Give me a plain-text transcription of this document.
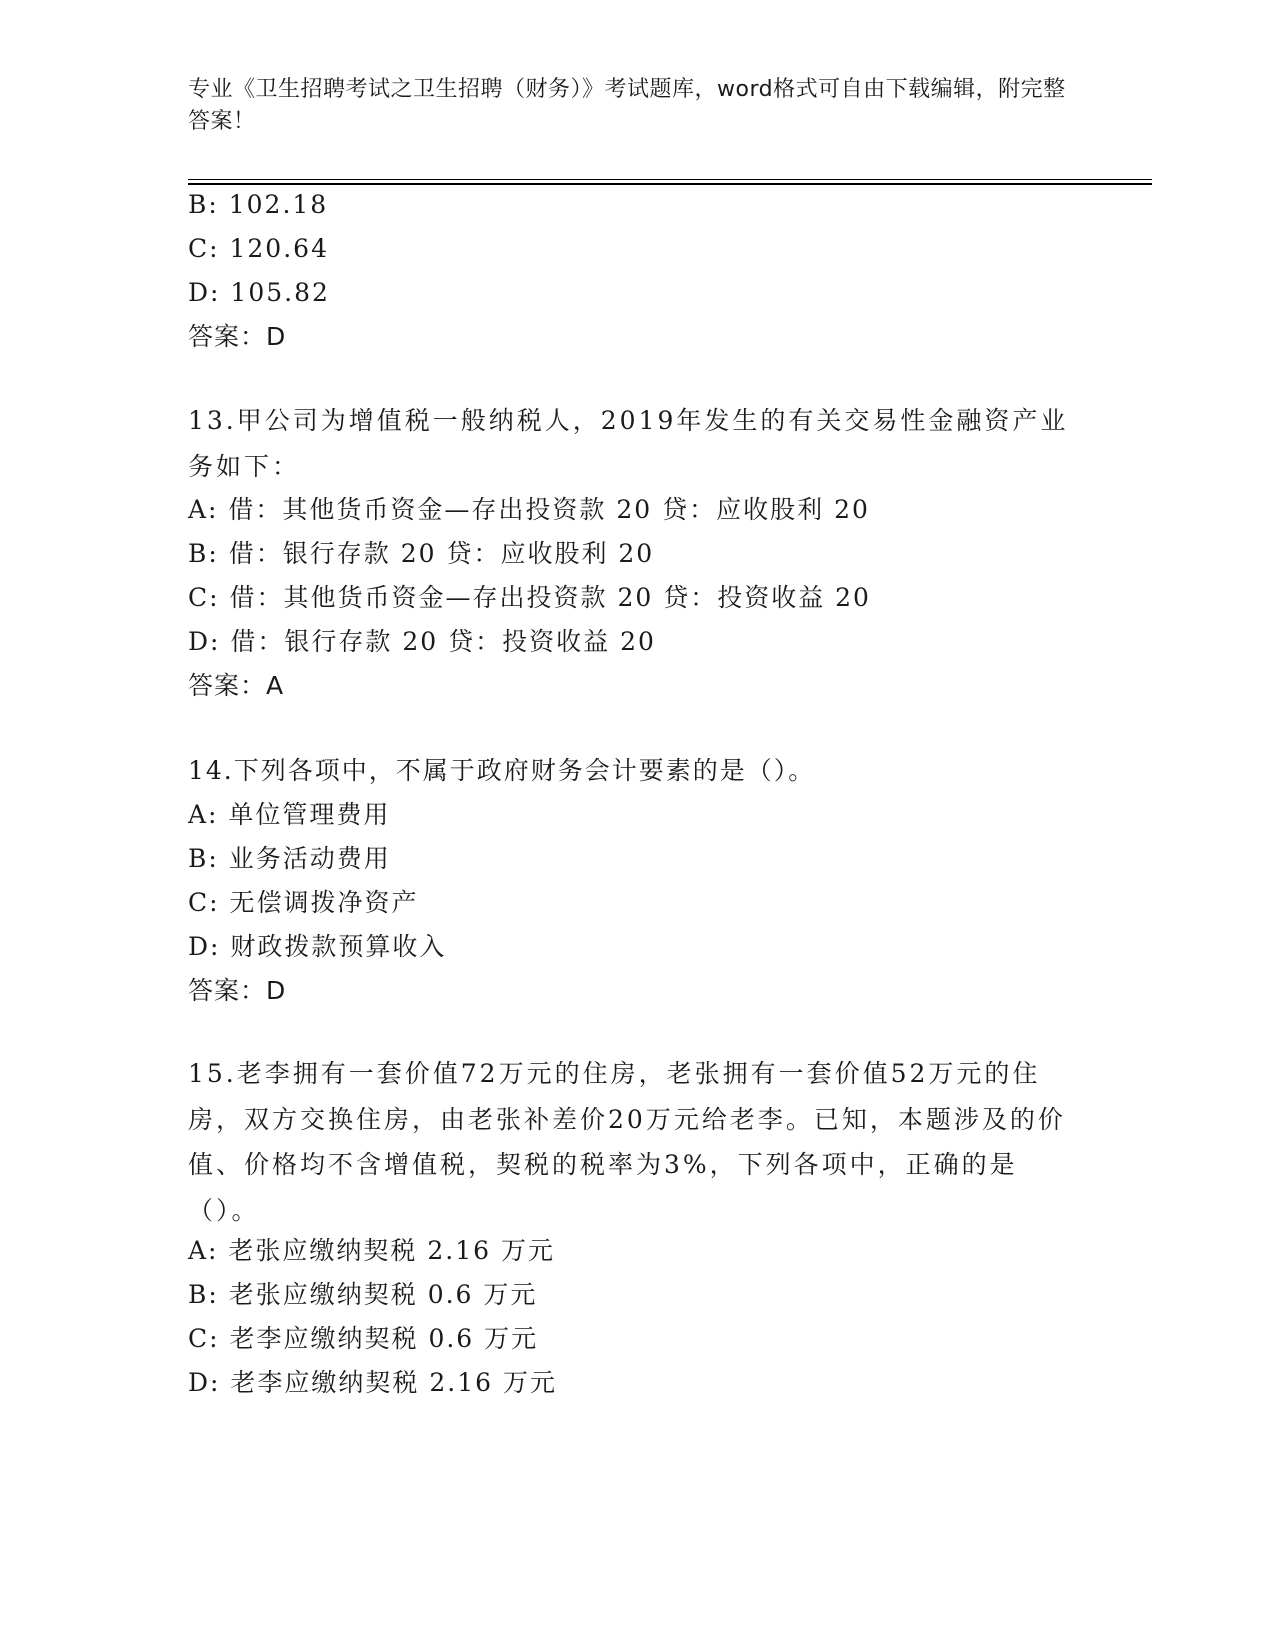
专业《卫生招聘考试之卫生招聘（财务）》考试题库，word格式可自由下载编辑，附完整答案！
B: 102.18
C: 120.64
D: 105.82
答案：D
13.甲公司为增值税一般纳税人，2019年发生的有关交易性金融资产业务如下：
A: 借：其他货币资金—存出投资款 20 贷：应收股利 20
B: 借：银行存款 20 贷：应收股利 20
C: 借：其他货币资金—存出投资款 20 贷：投资收益 20
D: 借：银行存款 20 贷：投资收益 20
答案：A
14.下列各项中，不属于政府财务会计要素的是（）。
A: 单位管理费用
B: 业务活动费用
C: 无偿调拨净资产
D: 财政拨款预算收入
答案：D
15.老李拥有一套价值72万元的住房，老张拥有一套价值52万元的住房，双方交换住房，由老张补差价20万元给老李。已知，本题涉及的价值、价格均不含增值税，契税的税率为3%，下列各项中，正确的是（）。
A: 老张应缴纳契税 2.16 万元
B: 老张应缴纳契税 0.6 万元
C: 老李应缴纳契税 0.6 万元
D: 老李应缴纳契税 2.16 万元
